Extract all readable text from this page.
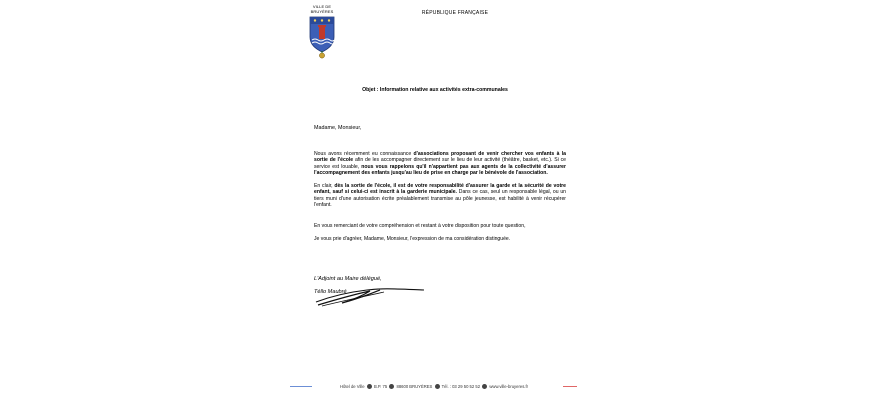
VILLE DE
BRUYÈRES	RÉPUBLIQUE FRANÇAISE
Objet : Information relative aux activités extra-communales
Madame, Monsieur,
Nous avons récemment eu connaissance d'associations proposant de venir chercher vos enfants à la sortie de l'école afin de les accompagner directement sur le lieu de leur activité (théâtre, basket, etc.). Si ce service est louable, nous vous rappelons qu'il n'appartient pas aux agents de la collectivité d'assurer l'accompagnement des enfants jusqu'au lieu de prise en charge par le bénévole de l'association.
En clair, dès la sortie de l'école, il est de votre responsabilité d'assurer la garde et la sécurité de votre enfant, sauf si celui-ci est inscrit à la garderie municipale. Dans ce cas, seul un responsable légal, ou un tiers muni d'une autorisation écrite préalablement transmise au pôle jeunesse, est habilité à venir récupérer l'enfant.
En vous remerciant de votre compréhension et restant à votre disposition pour toute question,
Je vous prie d'agréer, Madame, Monsieur, l'expression de ma considération distinguée.
L'Adjoint au Maire délégué,
Téllo Maubré
Hôtel de Ville B.P. 75 88600 BRUYÈRES Tél. : 03 29 50 52 52 www.ville-bruyeres.fr
